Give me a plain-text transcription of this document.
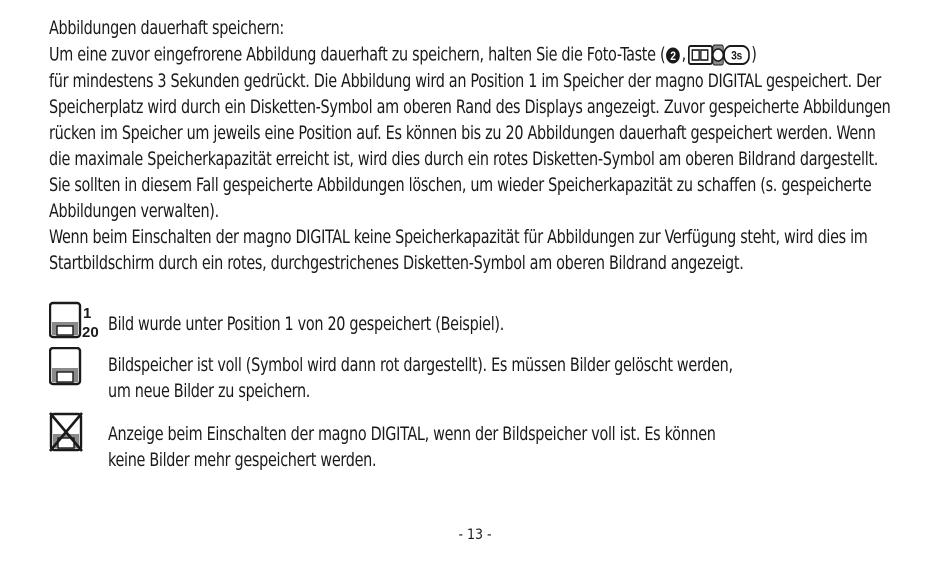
Abbildungen dauerhaft speichern:
Um eine zuvor eingefrorene Abbildung dauerhaft zu speichern, halten Sie die Foto-Taste ( 2 ,	3s )
für mindestens 3 Sekunden gedrückt. Die Abbildung wird an Position 1 im Speicher der magno DIGITAL gespeichert. Der
Speicherplatz wird durch ein Disketten-Symbol am oberen Rand des Displays angezeigt. Zuvor gespeicherte Abbildungen
rücken im Speicher um jeweils eine Position auf. Es können bis zu 20 Abbildungen dauerhaft gespeichert werden. Wenn
die maximale Speicherkapazität erreicht ist, wird dies durch ein rotes Disketten-Symbol am oberen Bildrand dargestellt.
Sie sollten in diesem Fall gespeicherte Abbildungen löschen, um wieder Speicherkapazität zu schaffen (s. gespeicherte
Abbildungen verwalten).
Wenn beim Einschalten der magno DIGITAL keine Speicherkapazität für Abbildungen zur Verfügung steht, wird dies im
Startbildschirm durch ein rotes, durchgestrichenes Disketten-Symbol am oberen Bildrand angezeigt.

1
20 Bild wurde unter Position 1 von 20 gespeichert (Beispiel).
Bildspeicher ist voll (Symbol wird dann rot dargestellt). Es müssen Bilder gelöscht werden,
um neue Bilder zu speichern.
Anzeige beim Einschalten der magno DIGITAL, wenn der Bildspeicher voll ist. Es können
keine Bilder mehr gespeichert werden.
- 13 -
